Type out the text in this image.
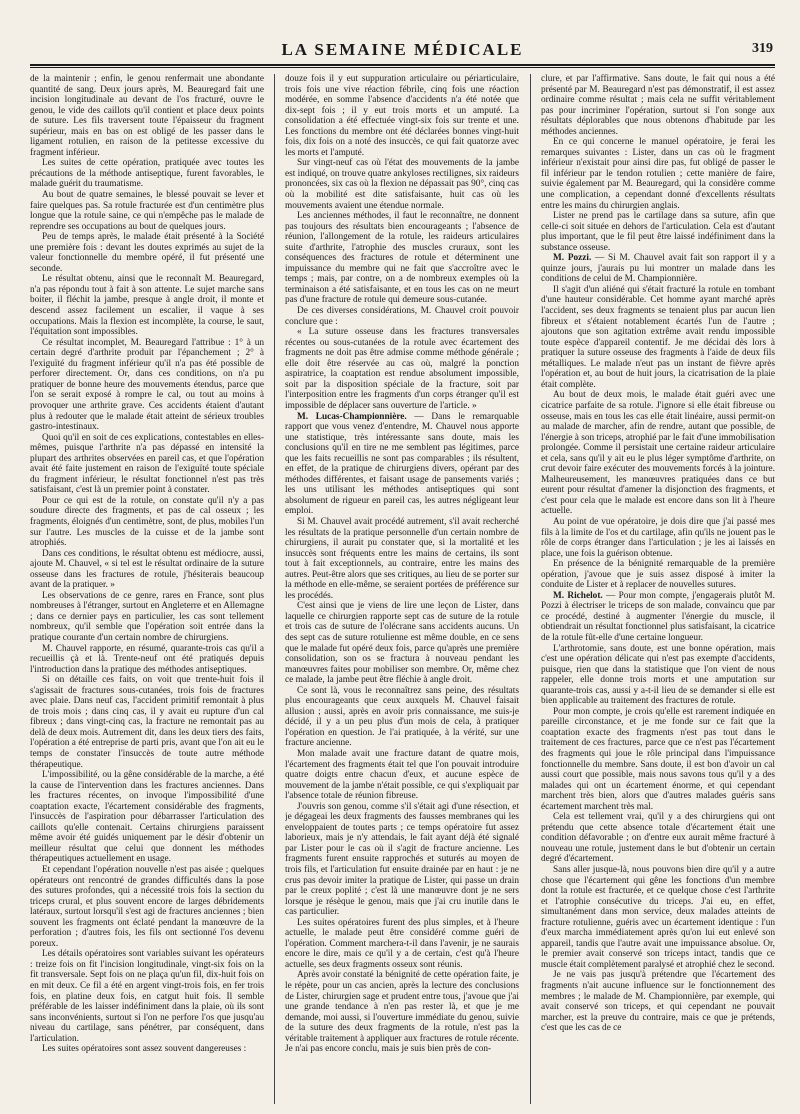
LA SEMAINE MÉDICALE	319

de la maintenir ; enfin, le genou renfermait une abondante quantité de sang. Deux jours après, M. Beauregard fait une incision longitudinale au devant de l'os fracturé, ouvre le genou, le vide des caillots qu'il contient et place deux points de suture. Les fils traversent toute l'épaisseur du fragment supérieur, mais en bas on est obligé de les passer dans le ligament rotulien, en raison de la petitesse excessive du fragment inférieur.

Les suites de cette opération, pratiquée avec toutes les précautions de la méthode antiseptique, furent favorables, le malade guérit du traumatisme.

Au bout de quatre semaines, le blessé pouvait se lever et faire quelques pas. Sa rotule fracturée est d'un centimètre plus longue que la rotule saine, ce qui n'empêche pas le malade de reprendre ses occupations au bout de quelques jours.

Peu de temps après, le malade était présenté à la Société une première fois : devant les doutes exprimés au sujet de la valeur fonctionnelle du membre opéré, il fut présenté une seconde.

Le résultat obtenu, ainsi que le reconnaît M. Beauregard, n'a pas répondu tout à fait à son attente. Le sujet marche sans boiter, il fléchit la jambe, presque à angle droit, il monte et descend assez facilement un escalier, il vaque à ses occupations. Mais la flexion est incomplète, la course, le saut, l'équitation sont impossibles.

Ce résultat incomplet, M. Beauregard l'attribue : 1° à un certain degré d'arthrite produit par l'épanchement ; 2° à l'exiguïté du fragment inférieur qu'il n'a pas été possible de perforer directement. Or, dans ces conditions, on n'a pu pratiquer de bonne heure des mouvements étendus, parce que l'on se serait exposé à rompre le cal, ou tout au moins à provoquer une arthrite grave. Ces accidents étaient d'autant plus à redouter que le malade était atteint de sérieux troubles gastro-intestinaux.

Quoi qu'il en soit de ces explications, contestables en elles-mêmes, puisque l'arthrite n'a pas dépassé en intensité la plupart des arthrites observées en pareil cas, et que l'opération avait été faite justement en raison de l'exiguïté toute spéciale du fragment inférieur, le résultat fonctionnel n'est pas très satisfaisant, c'est là un premier point à constater.

Pour ce qui est de la rotule, on constate qu'il n'y a pas soudure directe des fragments, et pas de cal osseux ; les fragments, éloignés d'un centimètre, sont, de plus, mobiles l'un sur l'autre. Les muscles de la cuisse et de la jambe sont atrophiés.

Dans ces conditions, le résultat obtenu est médiocre, aussi, ajoute M. Chauvel, « si tel est le résultat ordinaire de la suture osseuse dans les fractures de rotule, j'hésiterais beaucoup avant de la pratiquer. »

Les observations de ce genre, rares en France, sont plus nombreuses à l'étranger, surtout en Angleterre et en Allemagne ; dans ce dernier pays en particulier, les cas sont tellement nombreux, qu'il semble que l'opération soit entrée dans la pratique courante d'un certain nombre de chirurgiens.

M. Chauvel rapporte, en résumé, quarante-trois cas qu'il a recueillis çà et là. Trente-neuf ont été pratiqués depuis l'introduction dans la pratique des méthodes antiseptiques.

Si on détaille ces faits, on voit que trente-huit fois il s'agissait de fractures sous-cutanées, trois fois de fractures avec plaie. Dans neuf cas, l'accident primitif remontait à plus de trois mois ; dans cinq cas, il y avait eu rupture d'un cal fibreux ; dans vingt-cinq cas, la fracture ne remontait pas au delà de deux mois. Autrement dit, dans les deux tiers des faits, l'opération a été entreprise de parti pris, avant que l'on ait eu le temps de constater l'insuccès de toute autre méthode thérapeutique.

L'impossibilité, ou la gêne considérable de la marche, a été la cause de l'intervention dans les fractures anciennes. Dans les fractures récentes, on invoque l'impossibilité d'une coaptation exacte, l'écartement considérable des fragments, l'insuccès de l'aspiration pour débarrasser l'articulation des caillots qu'elle contenait. Certains chirurgiens paraissent même avoir été guidés uniquement par le désir d'obtenir un meilleur résultat que celui que donnent les méthodes thérapeutiques actuellement en usage.

Et cependant l'opération nouvelle n'est pas aisée ; quelques opérateurs ont rencontré de grandes difficultés dans la pose des sutures profondes, qui a nécessité trois fois la section du triceps crural, et plus souvent encore de larges débridements latéraux, surtout lorsqu'il s'est agi de fractures anciennes ; bien souvent les fragments ont éclaté pendant la manœuvre de la perforation ; d'autres fois, les fils ont sectionné l'os devenu poreux.

Les détails opératoires sont variables suivant les opérateurs : treize fois on fit l'incision longitudinale, vingt-six fois on la fit transversale. Sept fois on ne plaça qu'un fil, dix-huit fois on en mit deux. Ce fil a été en argent vingt-trois fois, en fer trois fois, en platine deux fois, en catgut huit fois. Il semble préférable de les laisser indéfiniment dans la plaie, où ils sont sans inconvénients, surtout si l'on ne perfore l'os que jusqu'au niveau du cartilage, sans pénétrer, par conséquent, dans l'articulation.

Les suites opératoires sont assez souvent dangereuses :

douze fois il y eut suppuration articulaire ou périarticulaire, trois fois une vive réaction fébrile, cinq fois une réaction modérée, en somme l'absence d'accidents n'a été notée que dix-sept fois ; il y eut trois morts et un amputé. La consolidation a été effectuée vingt-six fois sur trente et une. Les fonctions du membre ont été déclarées bonnes vingt-huit fois, dix fois on a noté des insuccès, ce qui fait quatorze avec les morts et l'amputé.

Sur vingt-neuf cas où l'état des mouvements de la jambe est indiqué, on trouve quatre ankyloses rectilignes, six raideurs prononcées, six cas où la flexion ne dépassait pas 90°, cinq cas où la mobilité est dite satisfaisante, huit cas où les mouvements avaient une étendue normale.

Les anciennes méthodes, il faut le reconnaître, ne donnent pas toujours des résultats bien encourageants ; l'absence de réunion, l'allongement de la rotule, les raideurs articulaires suite d'arthrite, l'atrophie des muscles cruraux, sont les conséquences des fractures de rotule et déterminent une impuissance du membre qui ne fait que s'accroître avec le temps ; mais, par contre, on a de nombreux exemples où la terminaison a été satisfaisante, et en tous les cas on ne meurt pas d'une fracture de rotule qui demeure sous-cutanée.

De ces diverses considérations, M. Chauvel croit pouvoir conclure que :

« La suture osseuse dans les fractures transversales récentes ou sous-cutanées de la rotule avec écartement des fragments ne doit pas être admise comme méthode générale ; elle doit être réservée au cas où, malgré la ponction aspiratrice, la coaptation est rendue absolument impossible, soit par la disposition spéciale de la fracture, soit par l'interposition entre les fragments d'un corps étranger qu'il est impossible de déplacer sans ouverture de l'article. »

M. Lucas-Championnière. — Dans le remarquable rapport que vous venez d'entendre, M. Chauvel nous apporte une statistique, très intéressante sans doute, mais les conclusions qu'il en tire ne me semblent pas légitimes, parce que les faits recueillis ne sont pas comparables ; ils résultent, en effet, de la pratique de chirurgiens divers, opérant par des méthodes différentes, et faisant usage de pansements variés ; les uns utilisant les méthodes antiseptiques qui sont absolument de rigueur en pareil cas, les autres négligeant leur emploi.

Si M. Chauvel avait procédé autrement, s'il avait recherché les résultats de la pratique personnelle d'un certain nombre de chirurgiens, il aurait pu constater que, si la mortalité et les insuccès sont fréquents entre les mains de certains, ils sont tout à fait exceptionnels, au contraire, entre les mains des autres. Peut-être alors que ses critiques, au lieu de se porter sur la méthode en elle-même, se seraient portées de préférence sur les procédés.

C'est ainsi que je viens de lire une leçon de Lister, dans laquelle ce chirurgien rapporte sept cas de suture de la rotule et trois cas de suture de l'olécrane sans accidents aucuns. Un des sept cas de suture rotulienne est même double, en ce sens que le malade fut opéré deux fois, parce qu'après une première consolidation, son os se fractura à nouveau pendant les manœuvres faites pour mobiliser son membre. Or, même chez ce malade, la jambe peut être fléchie à angle droit.

Ce sont là, vous le reconnaîtrez sans peine, des résultats plus encourageants que ceux auxquels M. Chauvel faisait allusion ; aussi, après en avoir pris connaissance, me suis-je décidé, il y a un peu plus d'un mois de cela, à pratiquer l'opération en question. Je l'ai pratiquée, à la vérité, sur une fracture ancienne.

Mon malade avait une fracture datant de quatre mois, l'écartement des fragments était tel que l'on pouvait introduire quatre doigts entre chacun d'eux, et aucune espèce de mouvement de la jambe n'était possible, ce qui s'expliquait par l'absence totale de réunion fibreuse.

J'ouvris son genou, comme s'il s'était agi d'une résection, et je dégageai les deux fragments des fausses membranes qui les enveloppaient de toutes parts ; ce temps opératoire fut assez laborieux, mais je n'y attendais, le fait ayant déjà été signalé par Lister pour le cas où il s'agit de fracture ancienne. Les fragments furent ensuite rapprochés et suturés au moyen de trois fils, et l'articulation fut ensuite drainée par en haut : je ne crus pas devoir imiter la pratique de Lister, qui passe un drain par le creux poplité ; c'est là une manœuvre dont je ne sers lorsque je résèque le genou, mais que j'ai cru inutile dans le cas particulier.

Les suites opératoires furent des plus simples, et à l'heure actuelle, le malade peut être considéré comme guéri de l'opération. Comment marchera-t-il dans l'avenir, je ne saurais encore le dire, mais ce qu'il y a de certain, c'est qu'à l'heure actuelle, ses deux fragments osseux sont réunis.

Après avoir constaté la bénignité de cette opération faite, je le répète, pour un cas ancien, après la lecture des conclusions de Lister, chirurgien sage et prudent entre tous, j'avoue que j'ai une grande tendance à n'en pas rester là, et que je me demande, moi aussi, si l'ouverture immédiate du genou, suivie de la suture des deux fragments de la rotule, n'est pas la véritable traitement à appliquer aux fractures de rotule récente. Je n'ai pas encore conclu, mais je suis bien près de con-

clure, et par l'affirmative. Sans doute, le fait qui nous a été présenté par M. Beauregard n'est pas démonstratif, il est assez ordinaire comme résultat ; mais cela ne suffit véritablement pas pour incriminer l'opération, surtout si l'on songe aux résultats déplorables que nous obtenons d'habitude par les méthodes anciennes.

En ce qui concerne le manuel opératoire, je ferai les remarques suivantes : Lister, dans un cas où le fragment inférieur n'existait pour ainsi dire pas, fut obligé de passer le fil inférieur par le tendon rotulien ; cette manière de faire, suivie également par M. Beauregard, qui la considère comme une complication, a cependant donné d'excellents résultats entre les mains du chirurgien anglais.

Lister ne prend pas le cartilage dans sa suture, afin que celle-ci soit située en dehors de l'articulation. Cela est d'autant plus important, que le fil peut être laissé indéfiniment dans la substance osseuse.

M. Pozzi. — Si M. Chauvel avait fait son rapport il y a quinze jours, j'aurais pu lui montrer un malade dans les conditions de celui de M. Championnière.

Il s'agit d'un aliéné qui s'était fracturé la rotule en tombant d'une hauteur considérable. Cet homme ayant marché après l'accident, ses deux fragments se tenaient plus par aucun lien fibreux et s'étaient notablement écartés l'un de l'autre ; ajoutons que son agitation extrême avait rendu impossible toute espèce d'appareil contentif. Je me décidai dès lors à pratiquer la suture osseuse des fragments à l'aide de deux fils métalliques. Le malade n'eut pas un instant de fièvre après l'opération et, au bout de huit jours, la cicatrisation de la plaie était complète.

Au bout de deux mois, le malade était guéri avec une cicatrice parfaite de sa rotule. J'ignore si elle était fibreuse ou osseuse, mais en tous les cas elle était linéaire, aussi permit-on au malade de marcher, afin de rendre, autant que possible, de l'énergie à son triceps, atrophié par le fait d'une immobilisation prolongée. Comme il persistait une certaine raideur articulaire et cela, sans qu'il y ait eu le plus léger symptôme d'arthrite, on crut devoir faire exécuter des mouvements forcés à la jointure. Malheureusement, les manœuvres pratiquées dans ce but eurent pour résultat d'amener la disjonction des fragments, et c'est pour cela que le malade est encore dans son lit à l'heure actuelle.

Au point de vue opératoire, je dois dire que j'ai passé mes fils à la limite de l'os et du cartilage, afin qu'ils ne jouent pas le rôle de corps étranger dans l'articulation ; je les ai laissés en place, une fois la guérison obtenue.

En présence de la bénignité remarquable de la première opération, j'avoue que je suis assez disposé à imiter la conduite de Lister et à replacer de nouvelles sutures.

M. Richelot. — Pour mon compte, j'engagerais plutôt M. Pozzi à électriser le triceps de son malade, convaincu que par ce procédé, destiné à augmenter l'énergie du muscle, il obtiendrait un résultat fonctionnel plus satisfaisant, la cicatrice de la rotule fût-elle d'une certaine longueur.

L'arthrotomie, sans doute, est une bonne opération, mais c'est une opération délicate qui n'est pas exempte d'accidents, puisque, rien que dans la statistique que l'on vient de nous rappeler, elle donne trois morts et une amputation sur quarante-trois cas, aussi y a-t-il lieu de se demander si elle est bien applicable au traitement des fractures de rotule.

Pour mon compte, je crois qu'elle est rarement indiquée en pareille circonstance, et je me fonde sur ce fait que la coaptation exacte des fragments n'est pas tout dans le traitement de ces fractures, parce que ce n'est pas l'écartement des fragments qui joue le rôle principal dans l'impuissance fonctionnelle du membre. Sans doute, il est bon d'avoir un cal aussi court que possible, mais nous savons tous qu'il y a des malades qui ont un écartement énorme, et qui cependant marchent très bien, alors que d'autres malades guéris sans écartement marchent très mal.

Cela est tellement vrai, qu'il y a des chirurgiens qui ont prétendu que cette absence totale d'écartement était une condition défavorable ; on d'entre eux aurait même fracturé à nouveau une rotule, justement dans le but d'obtenir un certain degré d'écartement.

Sans aller jusque-là, nous pouvons bien dire qu'il y a autre chose que l'écartement qui gêne les fonctions d'un membre dont la rotule est fracturée, et ce quelque chose c'est l'arthrite et l'atrophie consécutive du triceps. J'ai eu, en effet, simultanément dans mon service, deux malades atteints de fracture rotulienne, guéris avec un écartement identique : l'un d'eux marcha immédiatement après qu'on lui eut enlevé son appareil, tandis que l'autre avait une impuissance absolue. Or, le premier avait conservé son triceps intact, tandis que ce muscle était complètement paralysé et atrophié chez le second.

Je ne vais pas jusqu'à prétendre que l'écartement des fragments n'ait aucune influence sur le fonctionnement des membres ; le malade de M. Championnière, par exemple, qui avait conservé son triceps, et qui cependant ne pouvait marcher, est la preuve du contraire, mais ce que je prétends, c'est que les cas de ce
